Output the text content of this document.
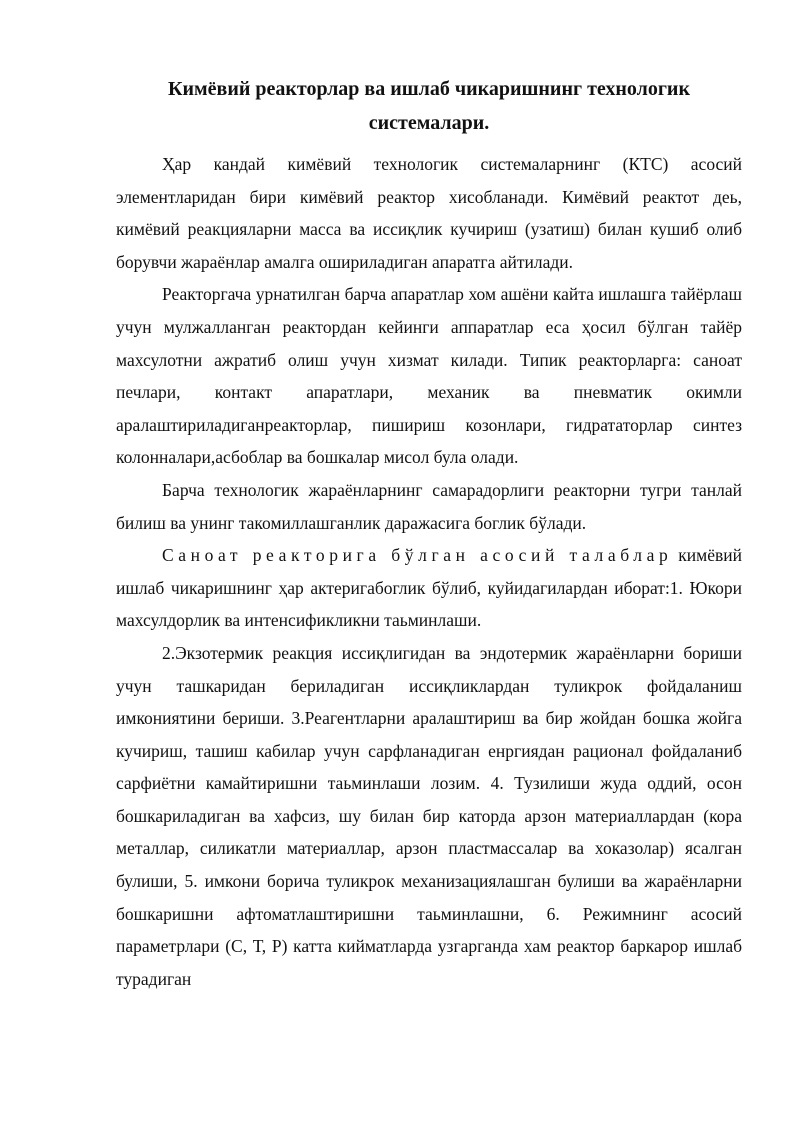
Кимёвий реакторлар ва ишлаб чикаришнинг технологик
системалари.

Ҳар кандай кимёвий технологик системаларнинг (КТС) асосий элементларидан бири кимёвий реактор хисобланади. Кимёвий реактот деь, кимёвий реакцияларни масса ва иссиқлик кучириш (узатиш) билан кушиб олиб борувчи жараёнлар амалга ошириладиган апаратга айтилади.

Реакторгача урнатилган барча апаратлар хом ашёни кайта ишлашга тайёрлаш учун мулжалланган реактордан кейинги аппаратлар еса ҳосил бўлган тайёр махсулотни ажратиб олиш учун хизмат килади. Типик реакторларга: саноат печлари, контакт апаратлари, механик ва пневматик окимли аралаштириладиганреакторлар, пишириш козонлари, гидрататорлар синтез колонналари,асбоблар ва бошкалар мисол була олади.

Барча технологик жараёнларнинг самарадорлиги реакторни тугри танлай билиш ва унинг такомиллашганлик даражасига боглик бўлади.

Саноат реакторига бўлган асосий талаблар кимёвий ишлаб чикаришнинг ҳар актеригабоглик бўлиб, куйидагилардан иборат:1. Юкори махсулдорлик ва интенсификликни таьминлаши.

2.Экзотермик реакция иссиқлигидан ва эндотермик жараёнларни бориши учун ташкаридан бериладиган иссиқликлардан туликрок фойдаланиш имкониятини бериши. 3.Реагентларни аралаштириш ва бир жойдан бошка жойга кучириш, ташиш кабилар учун сарфланадиган енргиядан рационал фойдаланиб сарфиётни камайтиришни таьминлаши лозим. 4. Тузилиши жуда оддий, осон бошкариладиган ва хафсиз, шу билан бир каторда арзон материаллардан (кора металлар, силикатли материаллар, арзон пластмассалар ва хоказолар) ясалган булиши, 5. имкони борича туликрок механизациялашган булиши ва жараёнларни бошкаришни афтоматлаштиришни таьминлашни, 6. Режимнинг асосий параметрлари (С, Т, Р) катта кийматларда узгарганда хам реактор баркарор ишлаб турадиган
